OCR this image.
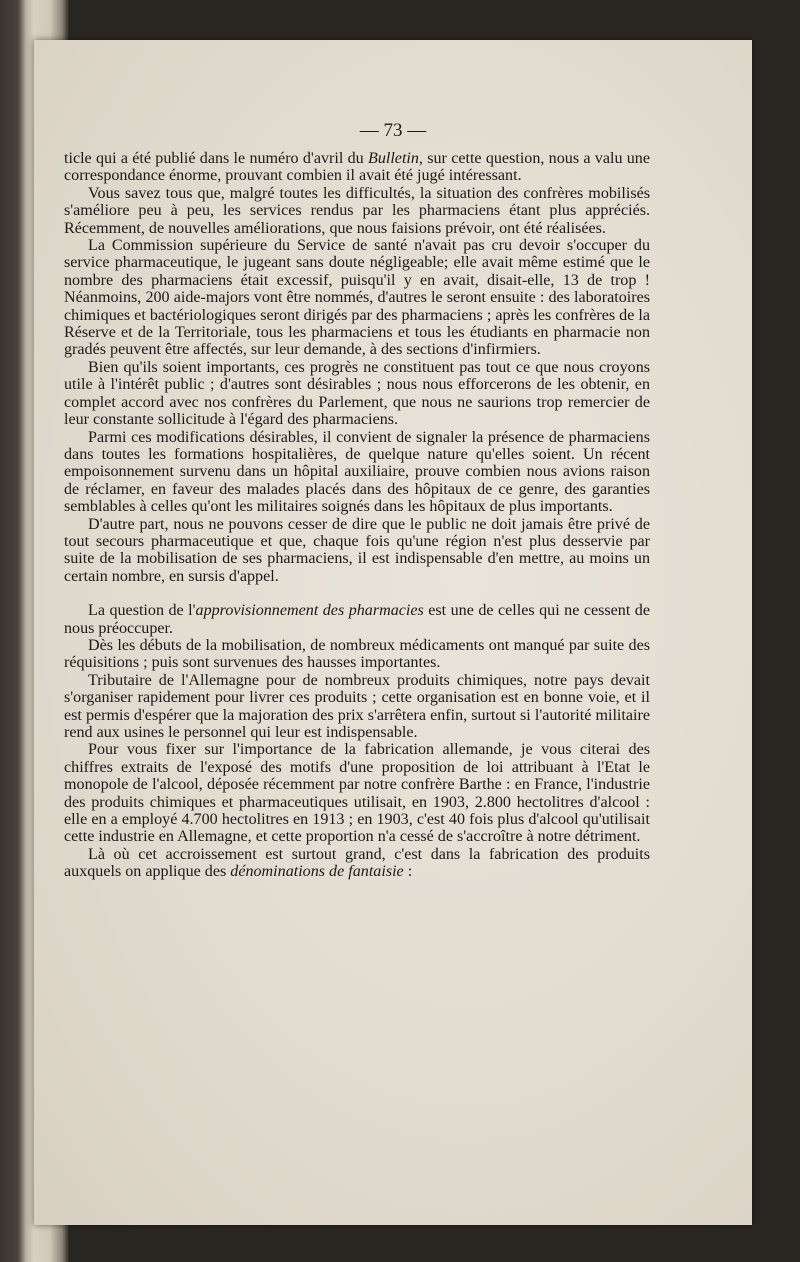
— 73 —

ticle qui a été publié dans le numéro d'avril du Bulletin, sur cette question, nous a valu une correspondance énorme, prouvant combien il avait été jugé intéressant.

Vous savez tous que, malgré toutes les difficultés, la situation des confrères mobilisés s'améliore peu à peu, les services rendus par les pharmaciens étant plus appréciés. Récemment, de nouvelles améliorations, que nous faisions prévoir, ont été réalisées.

La Commission supérieure du Service de santé n'avait pas cru devoir s'occuper du service pharmaceutique, le jugeant sans doute négligeable; elle avait même estimé que le nombre des pharmaciens était excessif, puisqu'il y en avait, disait-elle, 13 de trop ! Néanmoins, 200 aide-majors vont être nommés, d'autres le seront ensuite : des laboratoires chimiques et bactériologiques seront dirigés par des pharmaciens ; après les confrères de la Réserve et de la Territoriale, tous les pharmaciens et tous les étudiants en pharmacie non gradés peuvent être affectés, sur leur demande, à des sections d'infirmiers.

Bien qu'ils soient importants, ces progrès ne constituent pas tout ce que nous croyons utile à l'intérêt public ; d'autres sont désirables ; nous nous efforcerons de les obtenir, en complet accord avec nos confrères du Parlement, que nous ne saurions trop remercier de leur constante sollicitude à l'égard des pharmaciens.

Parmi ces modifications désirables, il convient de signaler la présence de pharmaciens dans toutes les formations hospitalières, de quelque nature qu'elles soient. Un récent empoisonnement survenu dans un hôpital auxiliaire, prouve combien nous avions raison de réclamer, en faveur des malades placés dans des hôpitaux de ce genre, des garanties semblables à celles qu'ont les militaires soignés dans les hôpitaux de plus importants.

D'autre part, nous ne pouvons cesser de dire que le public ne doit jamais être privé de tout secours pharmaceutique et que, chaque fois qu'une région n'est plus desservie par suite de la mobilisation de ses pharmaciens, il est indispensable d'en mettre, au moins un certain nombre, en sursis d'appel.

La question de l'approvisionnement des pharmacies est une de celles qui ne cessent de nous préoccuper.

Dès les débuts de la mobilisation, de nombreux médicaments ont manqué par suite des réquisitions ; puis sont survenues des hausses importantes.

Tributaire de l'Allemagne pour de nombreux produits chimiques, notre pays devait s'organiser rapidement pour livrer ces produits ; cette organisation est en bonne voie, et il est permis d'espérer que la majoration des prix s'arrêtera enfin, surtout si l'autorité militaire rend aux usines le personnel qui leur est indispensable.

Pour vous fixer sur l'importance de la fabrication allemande, je vous citerai des chiffres extraits de l'exposé des motifs d'une proposition de loi attribuant à l'Etat le monopole de l'alcool, déposée récemment par notre confrère Barthe : en France, l'industrie des produits chimiques et pharmaceutiques utilisait, en 1903, 2.800 hectolitres d'alcool : elle en a employé 4.700 hectolitres en 1913 ; en 1903, c'est 40 fois plus d'alcool qu'utilisait cette industrie en Allemagne, et cette proportion n'a cessé de s'accroître à notre détriment.

Là où cet accroissement est surtout grand, c'est dans la fabrication des produits auxquels on applique des dénominations de fantaisie :
